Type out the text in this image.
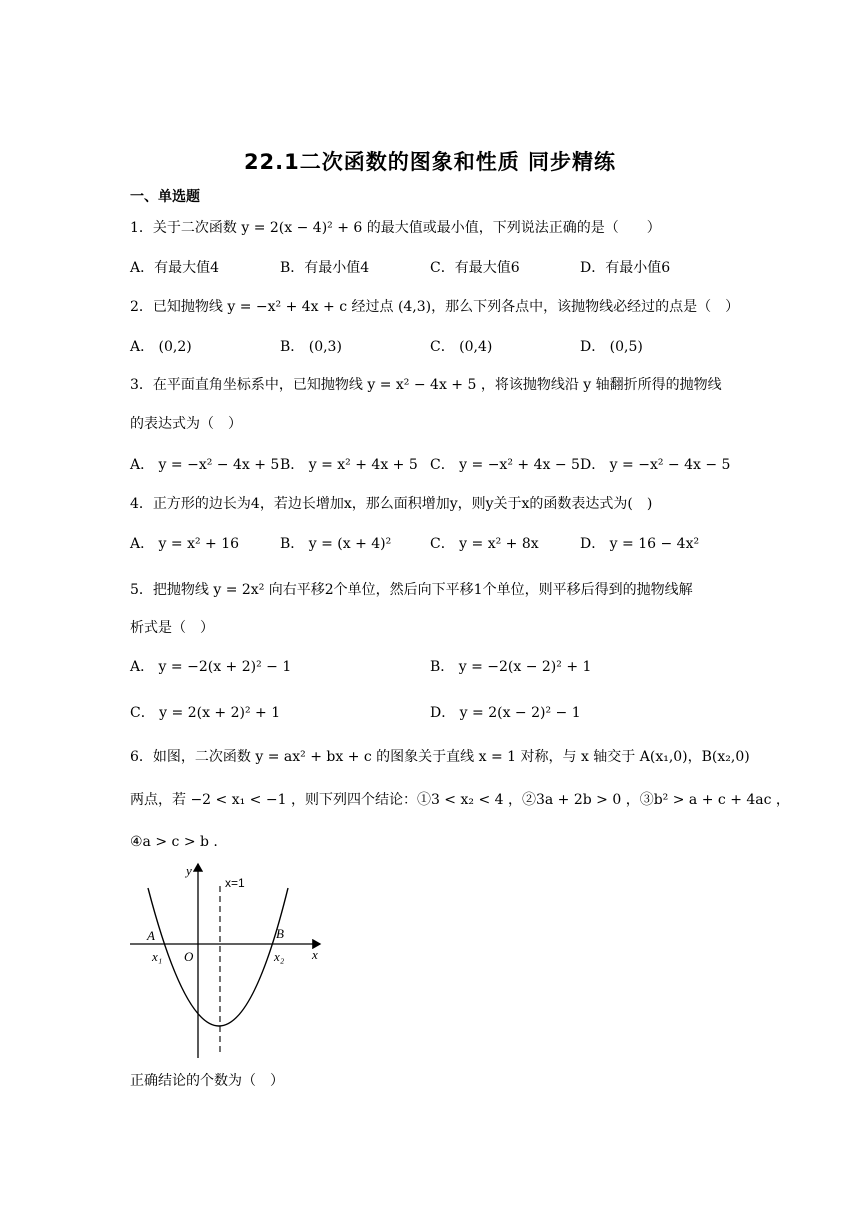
22.1二次函数的图象和性质 同步精练
一、单选题
1．关于二次函数 y = 2(x − 4)² + 6 的最大值或最小值，下列说法正确的是（　　）
A．有最大值4	B．有最小值4	C．有最大值6	D．有最小值6
2．已知抛物线 y = −x² + 4x + c 经过点 (4,3)，那么下列各点中，该抛物线必经过的点是（　）
A． (0,2)	B． (0,3)	C． (0,4)	D． (0,5)
3．在平面直角坐标系中，已知抛物线 y = x² − 4x + 5 ，将该抛物线沿 y 轴翻折所得的抛物线
的表达式为（　）
A． y = −x² − 4x + 5 B． y = x² + 4x + 5 C． y = −x² + 4x − 5 D． y = −x² − 4x − 5
4．正方形的边长为4，若边长增加x，那么面积增加y，则y关于x的函数表达式为(　)
A． y = x² + 16	B． y = (x + 4)²	C． y = x² + 8x	D． y = 16 − 4x²
5．把抛物线 y = 2x² 向右平移2个单位，然后向下平移1个单位，则平移后得到的抛物线解
析式是（　）
A． y = −2(x + 2)² − 1	B． y = −2(x − 2)² + 1
C． y = 2(x + 2)² + 1	D． y = 2(x − 2)² − 1
6．如图，二次函数 y = ax² + bx + c 的图象关于直线 x = 1 对称，与 x 轴交于 A(x₁,0)，B(x₂,0)
两点，若 −2 < x₁ < −1 ，则下列四个结论：①3 < x₂ < 4 ，②3a + 2b > 0 ，③b² > a + c + 4ac ，
④a > c > b .
y
x
x=1
A	B
x₁ O	x₂
正确结论的个数为（　）
